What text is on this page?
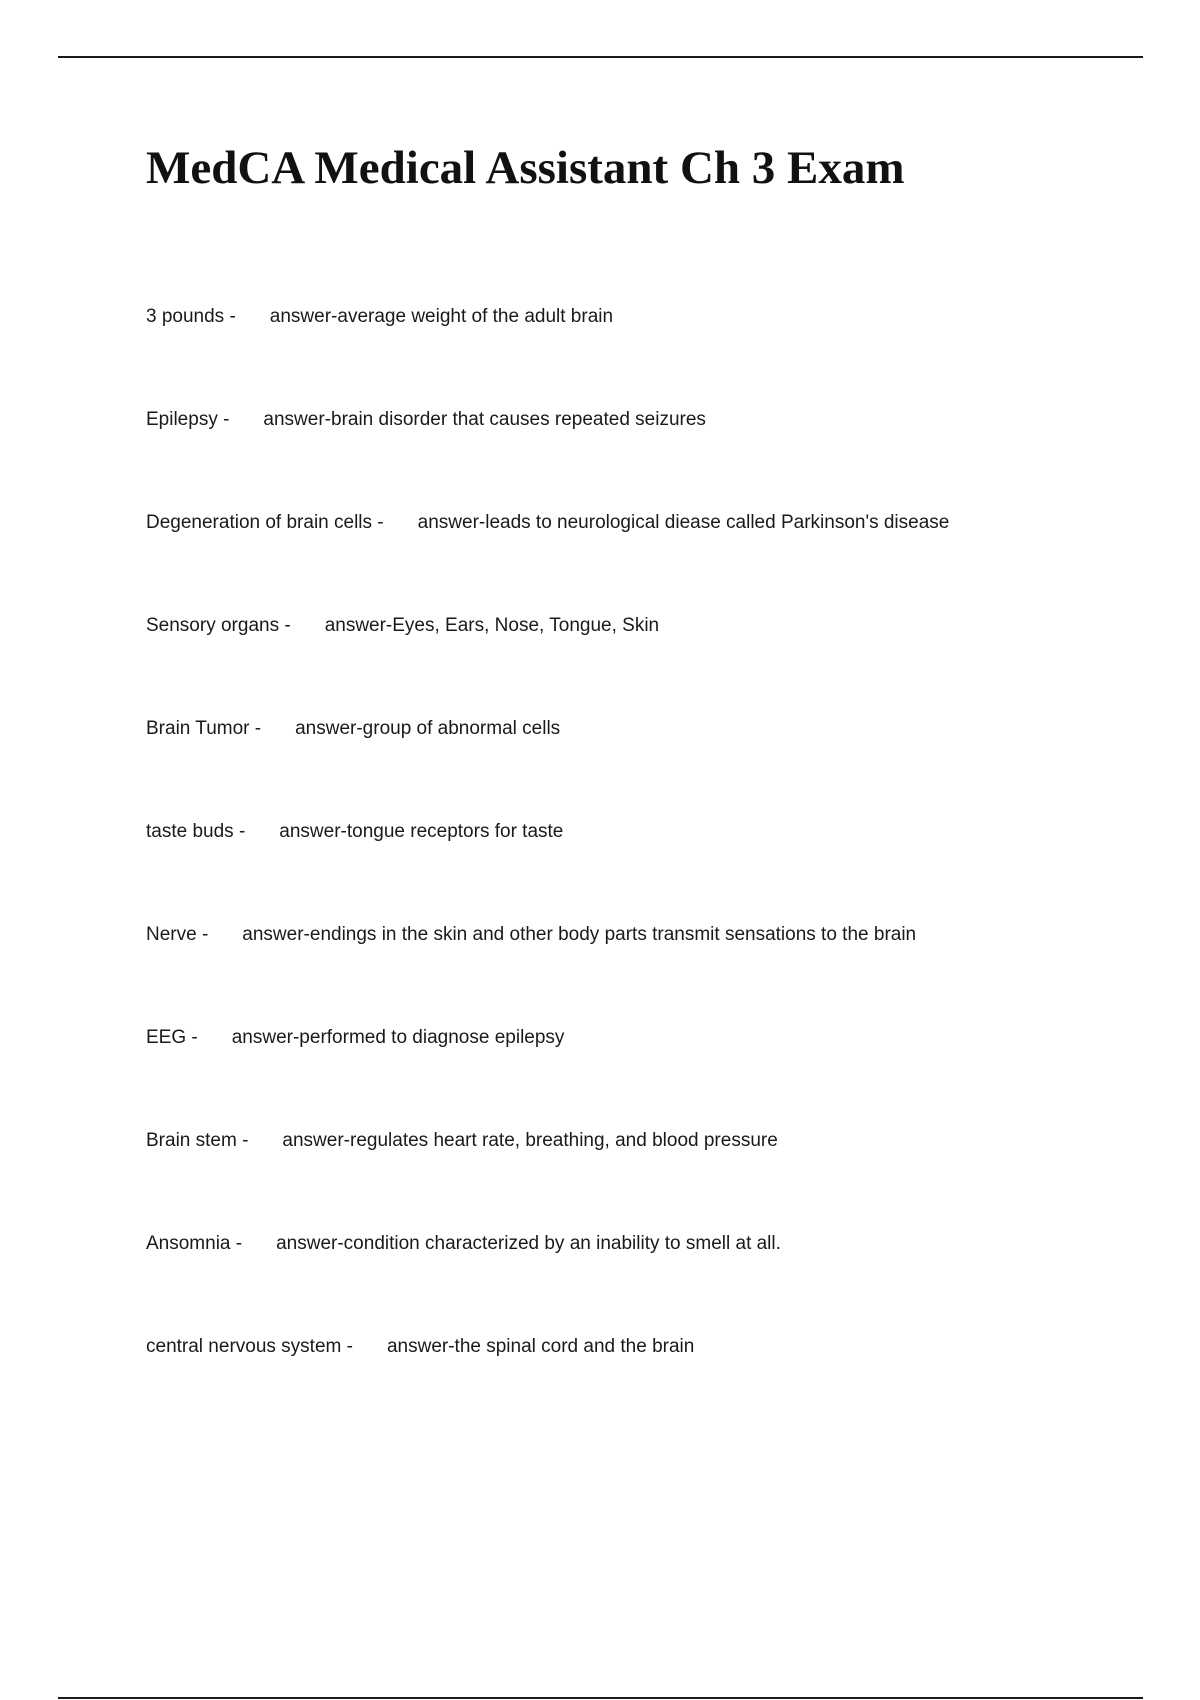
MedCA Medical Assistant Ch 3 Exam
3 pounds - answer-average weight of the adult brain
Epilepsy - answer-brain disorder that causes repeated seizures
Degeneration of brain cells - answer-leads to neurological diease called Parkinson's disease
Sensory organs - answer-Eyes, Ears, Nose, Tongue, Skin
Brain Tumor - answer-group of abnormal cells
taste buds - answer-tongue receptors for taste
Nerve - answer-endings in the skin and other body parts transmit sensations to the brain
EEG - answer-performed to diagnose epilepsy
Brain stem - answer-regulates heart rate, breathing, and blood pressure
Ansomnia - answer-condition characterized by an inability to smell at all.
central nervous system - answer-the spinal cord and the brain
